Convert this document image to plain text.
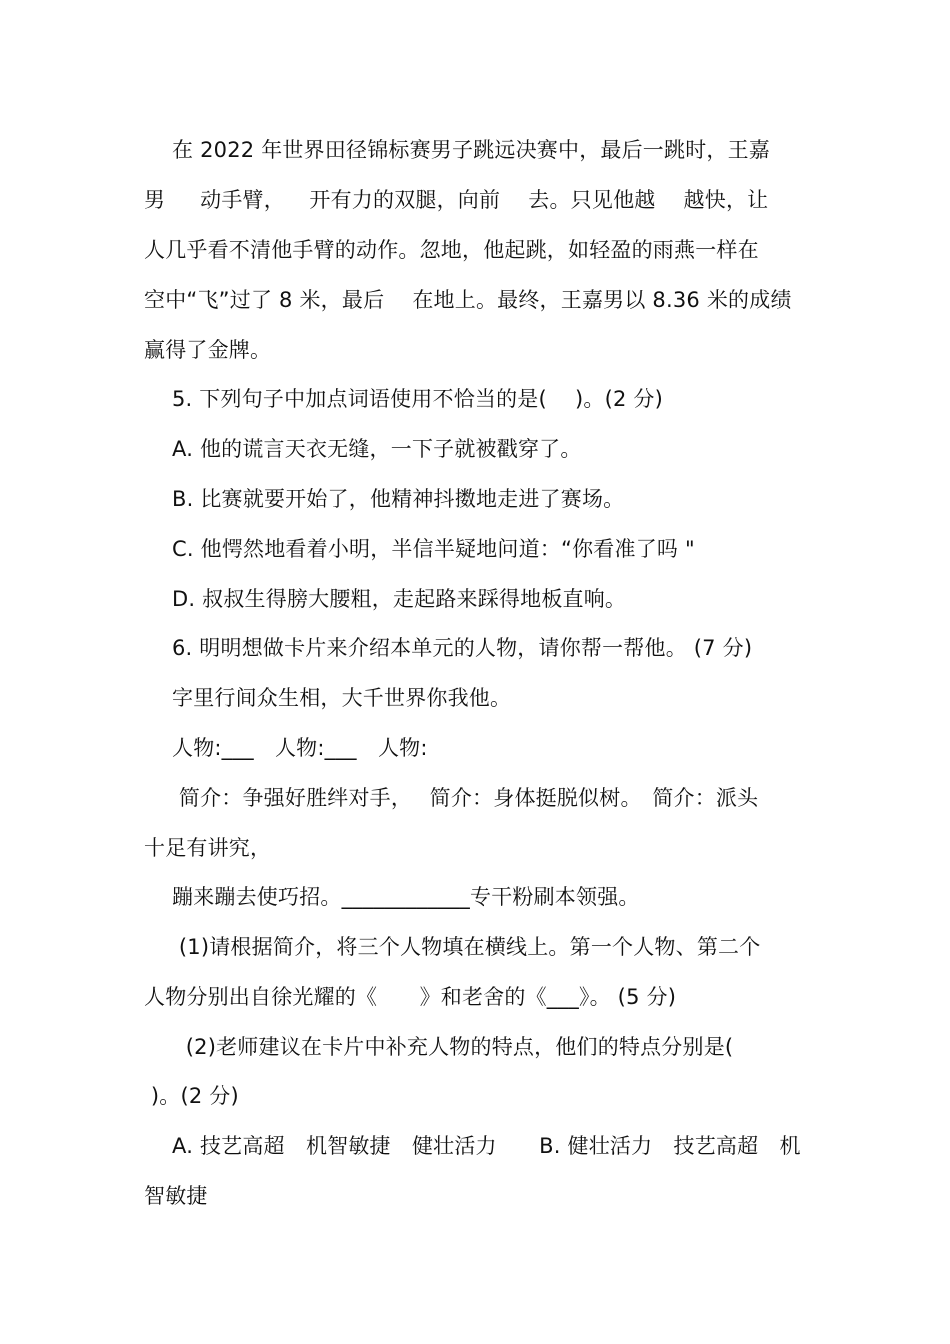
在 2022 年世界田径锦标赛男子跳远决赛中，最后一跳时，王嘉
男　  动手臂，　  开有力的双腿，向前　 去。只见他越　 越快，让
人几乎看不清他手臂的动作。忽地，他起跳，如轻盈的雨燕一样在
空中“飞”过了 8 米，最后　 在地上。最终，王嘉男以 8.36 米的成绩
赢得了金牌。
5. 下列句子中加点词语使用不恰当的是(　 )。(2 分)
A. 他的谎言天衣无缝，一下子就被戳穿了。
B. 比赛就要开始了，他精神抖擞地走进了赛场。
C. 他愕然地看着小明，半信半疑地问道：“你看准了吗 "
D. 叔叔生得膀大腰粗，走起路来踩得地板直响。
6. 明明想做卡片来介绍本单元的人物，请你帮一帮他。 (7 分)
字里行间众生相，大千世界你我他。
人物:___　人物:___　人物:
简介：争强好胜绊对手，　 简介：身体挺脱似树。　简介：派头
十足有讲究，
蹦来蹦去使巧招。____________专干粉刷本领强。
(1)请根据简介，将三个人物填在横线上。第一个人物、第二个
人物分别出自徐光耀的《　　》和老舍的《___》。 (5 分)
(2)老师建议在卡片中补充人物的特点，他们的特点分别是(
)。(2 分)
A. 技艺高超　机智敏捷　健壮活力　　B. 健壮活力　技艺高超　机
智敏捷
